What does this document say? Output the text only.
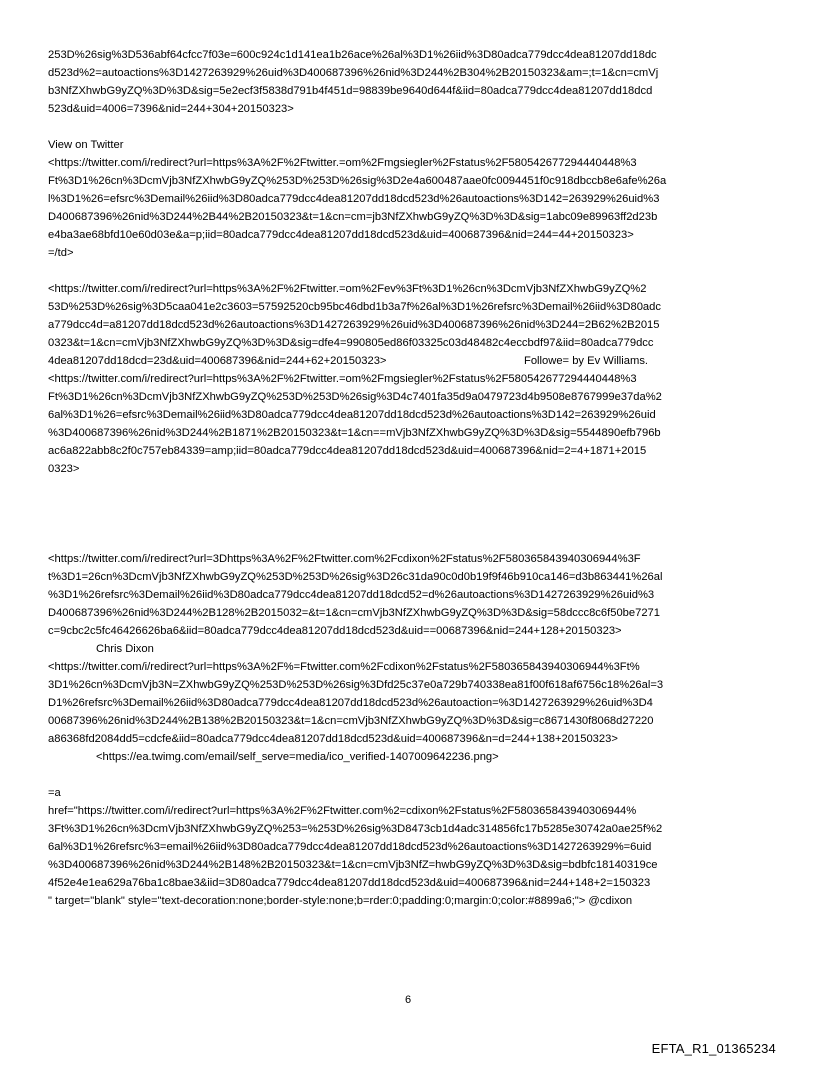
253D%26sig%3D536abf64cfcc7f03e=600c924c1d141ea1b26ace%26al%3D1%26iid%3D80adca779dcc4dea81207dd18dc
d523d%2=autoactions%3D1427263929%26uid%3D400687396%26nid%3D244%2B304%2B20150323&am=;t=1&cn=cmVj
b3NfZXhwbG9yZQ%3D%3D&sig=5e2ecf3f5838d791b4f451d=98839be9640d644f&iid=80adca779dcc4dea81207dd18dcd
523d&uid=4006=7396&nid=244+304+20150323>
View on Twitter
<https://twitter.com/i/redirect?url=https%3A%2F%2Ftwitter.=om%2Fmgsiegler%2Fstatus%2F580542677294440448%3
Ft%3D1%26cn%3DcmVjb3NfZXhwbG9yZQ%253D%253D%26sig%3D2e4a600487aae0fc0094451f0c918dbccb8e6afe%26a
l%3D1%26=efsrc%3Demail%26iid%3D80adca779dcc4dea81207dd18dcd523d%26autoactions%3D142=263929%26uid%3
D400687396%26nid%3D244%2B44%2B20150323&t=1&cn=cm=jb3NfZXhwbG9yZQ%3D%3D&sig=1abc09e89963ff2d23b
e4ba3ae68bfd10e60d03e&a=p;iid=80adca779dcc4dea81207dd18dcd523d&uid=400687396&nid=244=44+20150323>
=/td>
<https://twitter.com/i/redirect?url=https%3A%2F%2Ftwitter.=om%2Fev%3Ft%3D1%26cn%3DcmVjb3NfZXhwbG9yZQ%2
53D%253D%26sig%3D5caa041e2c3603=57592520cb95bc46dbd1b3a7f%26al%3D1%26refsrc%3Demail%26iid%3D80adc
a779dcc4d=a81207dd18dcd523d%26autoactions%3D1427263929%26uid%3D400687396%26nid%3D244=2B62%2B2015
0323&t=1&cn=cmVjb3NfZXhwbG9yZQ%3D%3D&sig=dfe4=990805ed86f03325c03d48482c4eccbdf97&iid=80adca779dcc
4dea81207dd18dcd=23d&uid=400687396&nid=244+62+20150323>	Followe= by Ev Williams.
<https://twitter.com/i/redirect?url=https%3A%2F%2Ftwitter.=om%2Fmgsiegler%2Fstatus%2F580542677294440448%3
Ft%3D1%26cn%3DcmVjb3NfZXhwbG9yZQ%253D%253D%26sig%3D4c7401fa35d9a0479723d4b9508e8767999e37da%2
6al%3D1%26=efsrc%3Demail%26iid%3D80adca779dcc4dea81207dd18dcd523d%26autoactions%3D142=263929%26uid
%3D400687396%26nid%3D244%2B1871%2B20150323&t=1&cn==mVjb3NfZXhwbG9yZQ%3D%3D&sig=5544890efb796b
ac6a822abb8c2f0c757eb84339=amp;iid=80adca779dcc4dea81207dd18dcd523d&uid=400687396&nid=2=4+1871+2015
0323>
<https://twitter.com/i/redirect?url=3Dhttps%3A%2F%2Ftwitter.com%2Fcdixon%2Fstatus%2F580365843940306944%3F
t%3D1=26cn%3DcmVjb3NfZXhwbG9yZQ%253D%253D%26sig%3D26c31da90c0d0b19f9f46b910ca146=d3b863441%26al
%3D1%26refsrc%3Demail%26iid%3D80adca779dcc4dea81207dd18dcd52=d%26autoactions%3D1427263929%26uid%3
D400687396%26nid%3D244%2B128%2B2015032=&t=1&cn=cmVjb3NfZXhwbG9yZQ%3D%3D&sig=58dccc8c6f50be7271
c=9cbc2c5fc46426626ba6&iid=80adca779dcc4dea81207dd18dcd523d&uid==00687396&nid=244+128+20150323>
Chris Dixon
<https://twitter.com/i/redirect?url=https%3A%2F%=Ftwitter.com%2Fcdixon%2Fstatus%2F580365843940306944%3Ft%
3D1%26cn%3DcmVjb3N=ZXhwbG9yZQ%253D%253D%26sig%3Dfd25c37e0a729b740338ea81f00f618af6756c18%26al=3
D1%26refsrc%3Demail%26iid%3D80adca779dcc4dea81207dd18dcd523d%26autoaction=%3D1427263929%26uid%3D4
00687396%26nid%3D244%2B138%2B20150323&t=1&cn=cmVjb3NfZXhwbG9yZQ%3D%3D&sig=c8671430f8068d27220
a86368fd2084dd5=cdcfe&iid=80adca779dcc4dea81207dd18dcd523d&uid=400687396&n=d=244+138+20150323>
<https://ea.twimg.com/email/self_serve=media/ico_verified-1407009642236.png>
=a
href="https://twitter.com/i/redirect?url=https%3A%2F%2Ftwitter.com%2=cdixon%2Fstatus%2F580365843940306944%
3Ft%3D1%26cn%3DcmVjb3NfZXhwbG9yZQ%253=%253D%26sig%3D8473cb1d4adc314856fc17b5285e30742a0ae25f%2
6al%3D1%26refsrc%3=email%26iid%3D80adca779dcc4dea81207dd18dcd523d%26autoactions%3D1427263929%=6uid
%3D400687396%26nid%3D244%2B148%2B20150323&t=1&cn=cmVjb3NfZ=hwbG9yZQ%3D%3D&sig=bdbfc18140319ce
4f52e4e1ea629a76ba1c8bae3&iid=3D80adca779dcc4dea81207dd18dcd523d&uid=400687396&nid=244+148+2=150323
" target="blank" style="text-decoration:none;border-style:none;b=rder:0;padding:0;margin:0;color:#8899a6;"> @cdixon
6
EFTA_R1_01365234
